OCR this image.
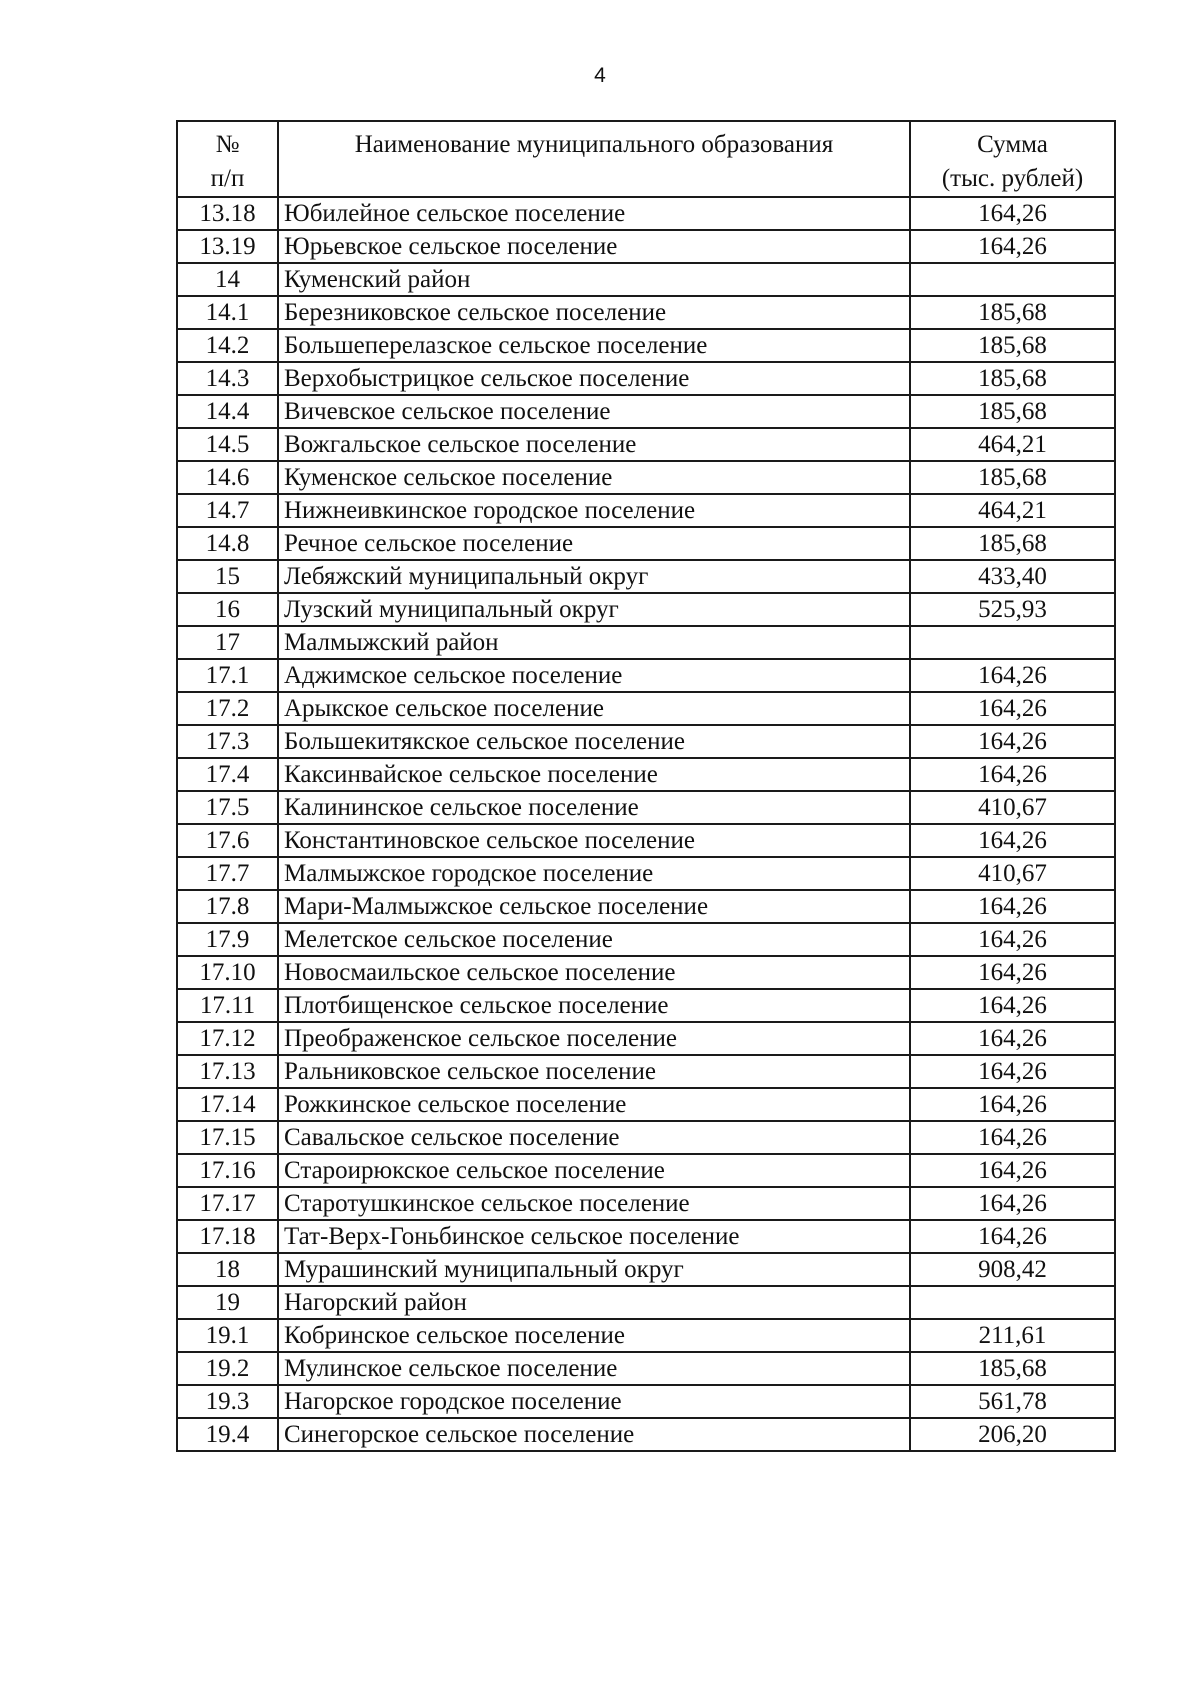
4
№
п/п	Наименование муниципального образования	Сумма
(тыс. рублей)
13.18	Юбилейное сельское поселение	164,26
13.19	Юрьевское сельское поселение	164,26
14	Куменский район	
14.1	Березниковское сельское поселение	185,68
14.2	Большеперелазское сельское поселение	185,68
14.3	Верхобыстрицкое сельское поселение	185,68
14.4	Вичевское сельское поселение	185,68
14.5	Вожгальское сельское поселение	464,21
14.6	Куменское сельское поселение	185,68
14.7	Нижнеивкинское городское поселение	464,21
14.8	Речное сельское поселение	185,68
15	Лебяжский муниципальный округ	433,40
16	Лузский муниципальный округ	525,93
17	Малмыжский район	
17.1	Аджимское сельское поселение	164,26
17.2	Арыкское сельское поселение	164,26
17.3	Большекитякское сельское поселение	164,26
17.4	Каксинвайское сельское поселение	164,26
17.5	Калининское сельское поселение	410,67
17.6	Константиновское сельское поселение	164,26
17.7	Малмыжское городское поселение	410,67
17.8	Мари-Малмыжское сельское поселение	164,26
17.9	Мелетское сельское поселение	164,26
17.10	Новосмаильское сельское поселение	164,26
17.11	Плотбищенское сельское поселение	164,26
17.12	Преображенское сельское поселение	164,26
17.13	Ральниковское сельское поселение	164,26
17.14	Рожкинское сельское поселение	164,26
17.15	Савальское сельское поселение	164,26
17.16	Староирюкское сельское поселение	164,26
17.17	Старотушкинское сельское поселение	164,26
17.18	Тат-Верх-Гоньбинское сельское поселение	164,26
18	Мурашинский муниципальный округ	908,42
19	Нагорский район	
19.1	Кобринское сельское поселение	211,61
19.2	Мулинское сельское поселение	185,68
19.3	Нагорское городское поселение	561,78
19.4	Синегорское сельское поселение	206,20
